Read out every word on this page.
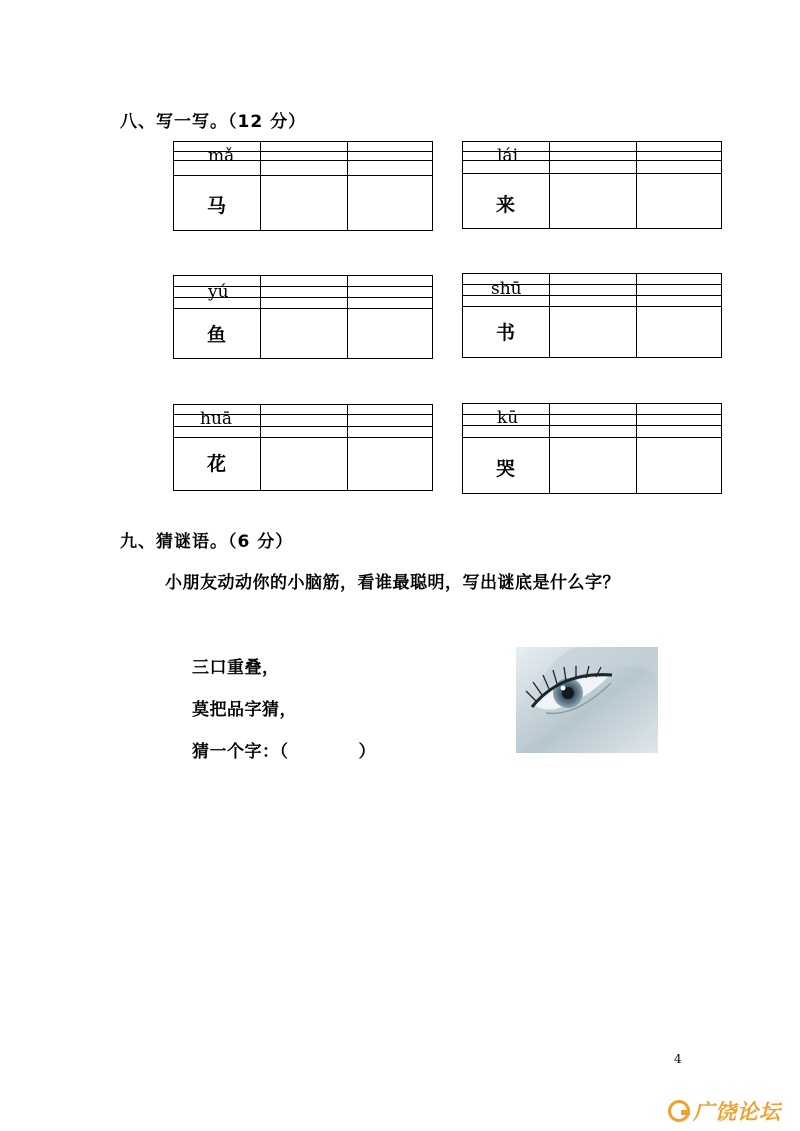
八、写一写。（12 分）
mǎ
马
lái
来
yú
鱼
shū
书
huā
花
kū
哭
九、猜谜语。（6 分）
小朋友动动你的小脑筋，看谁最聪明，写出谜底是什么字？
三口重叠，
莫把品字猜，
猜一个字：（　　　　）
4
广饶论坛
